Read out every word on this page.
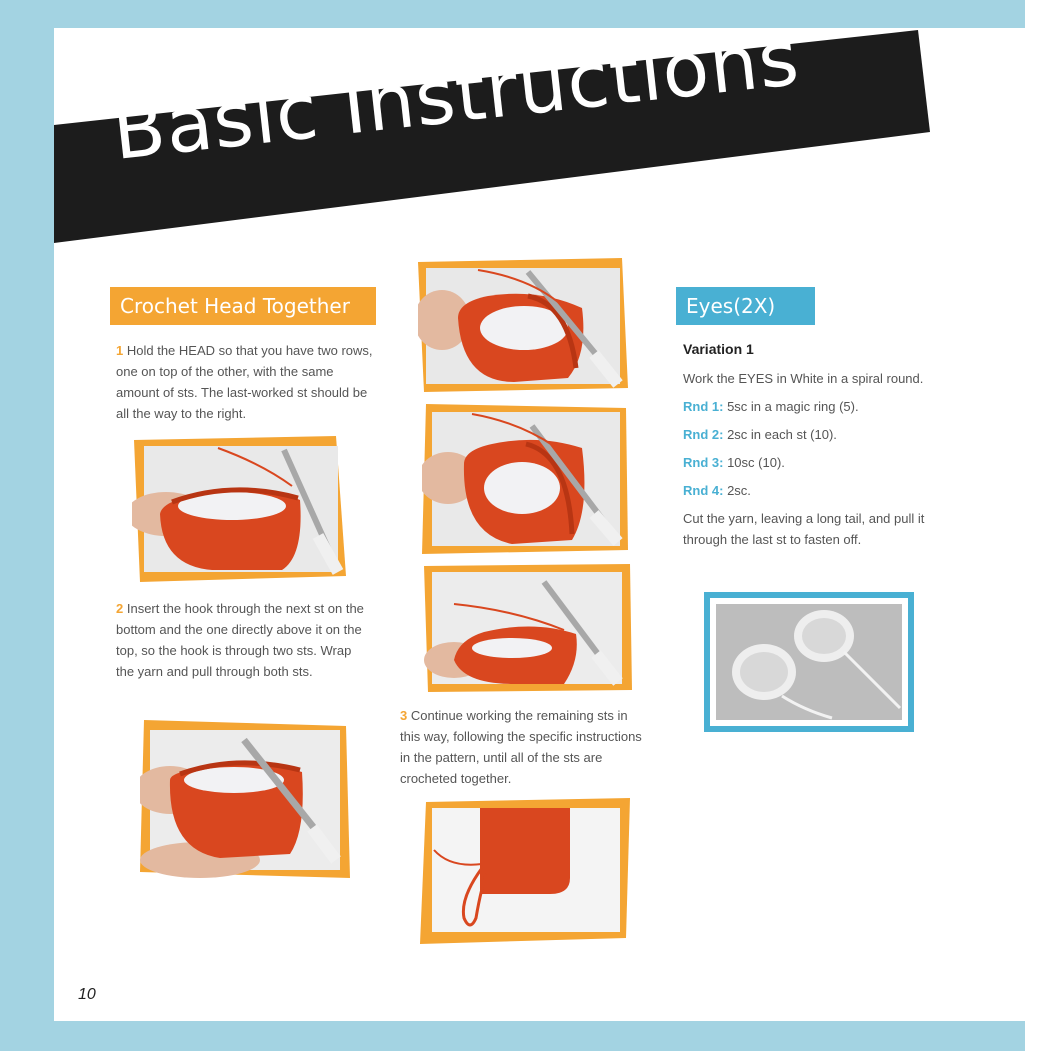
Basic Instructions
Crochet Head Together
1 Hold the HEAD so that you have two rows, one on top of the other, with the same amount of sts. The last-worked st should be all the way to the right.
2 Insert the hook through the next st on the bottom and the one directly above it on the top, so the hook is through two sts. Wrap the yarn and pull through both sts.
3 Continue working the remaining sts in this way, following the specific instructions in the pattern, until all of the sts are crocheted together.
Eyes(2X)
Variation 1
Work the EYES in White in a spiral round.
Rnd 1: 5sc in a magic ring (5).
Rnd 2: 2sc in each st (10).
Rnd 3: 10sc (10).
Rnd 4: 2sc.
Cut the yarn, leaving a long tail, and pull it through the last st to fasten off.
10
